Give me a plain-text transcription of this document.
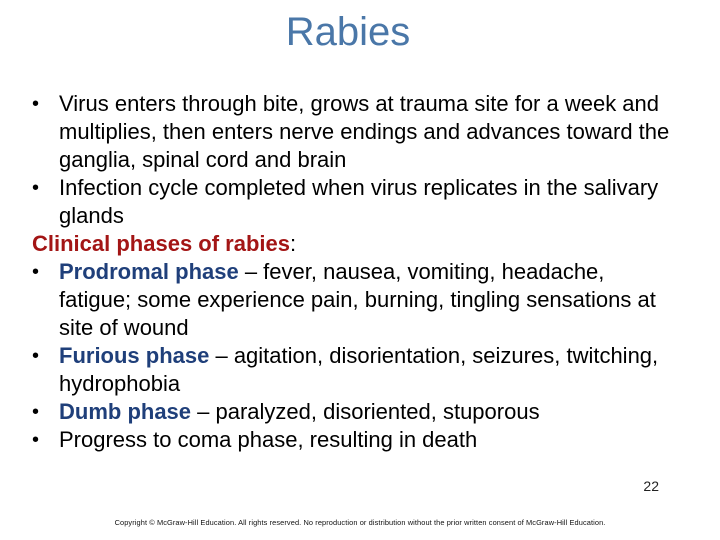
Rabies
• Virus enters through bite, grows at trauma site for a week and multiplies, then enters nerve endings and advances toward the ganglia, spinal cord and brain
• Infection cycle completed when virus replicates in the salivary glands
Clinical phases of rabies:
• Prodromal phase – fever, nausea, vomiting, headache, fatigue; some experience pain, burning, tingling sensations at site of wound
• Furious phase – agitation, disorientation, seizures, twitching, hydrophobia
• Dumb phase – paralyzed, disoriented, stuporous
• Progress to coma phase, resulting in death
22
Copyright © McGraw-Hill Education. All rights reserved. No reproduction or distribution without the prior written consent of McGraw-Hill Education.
